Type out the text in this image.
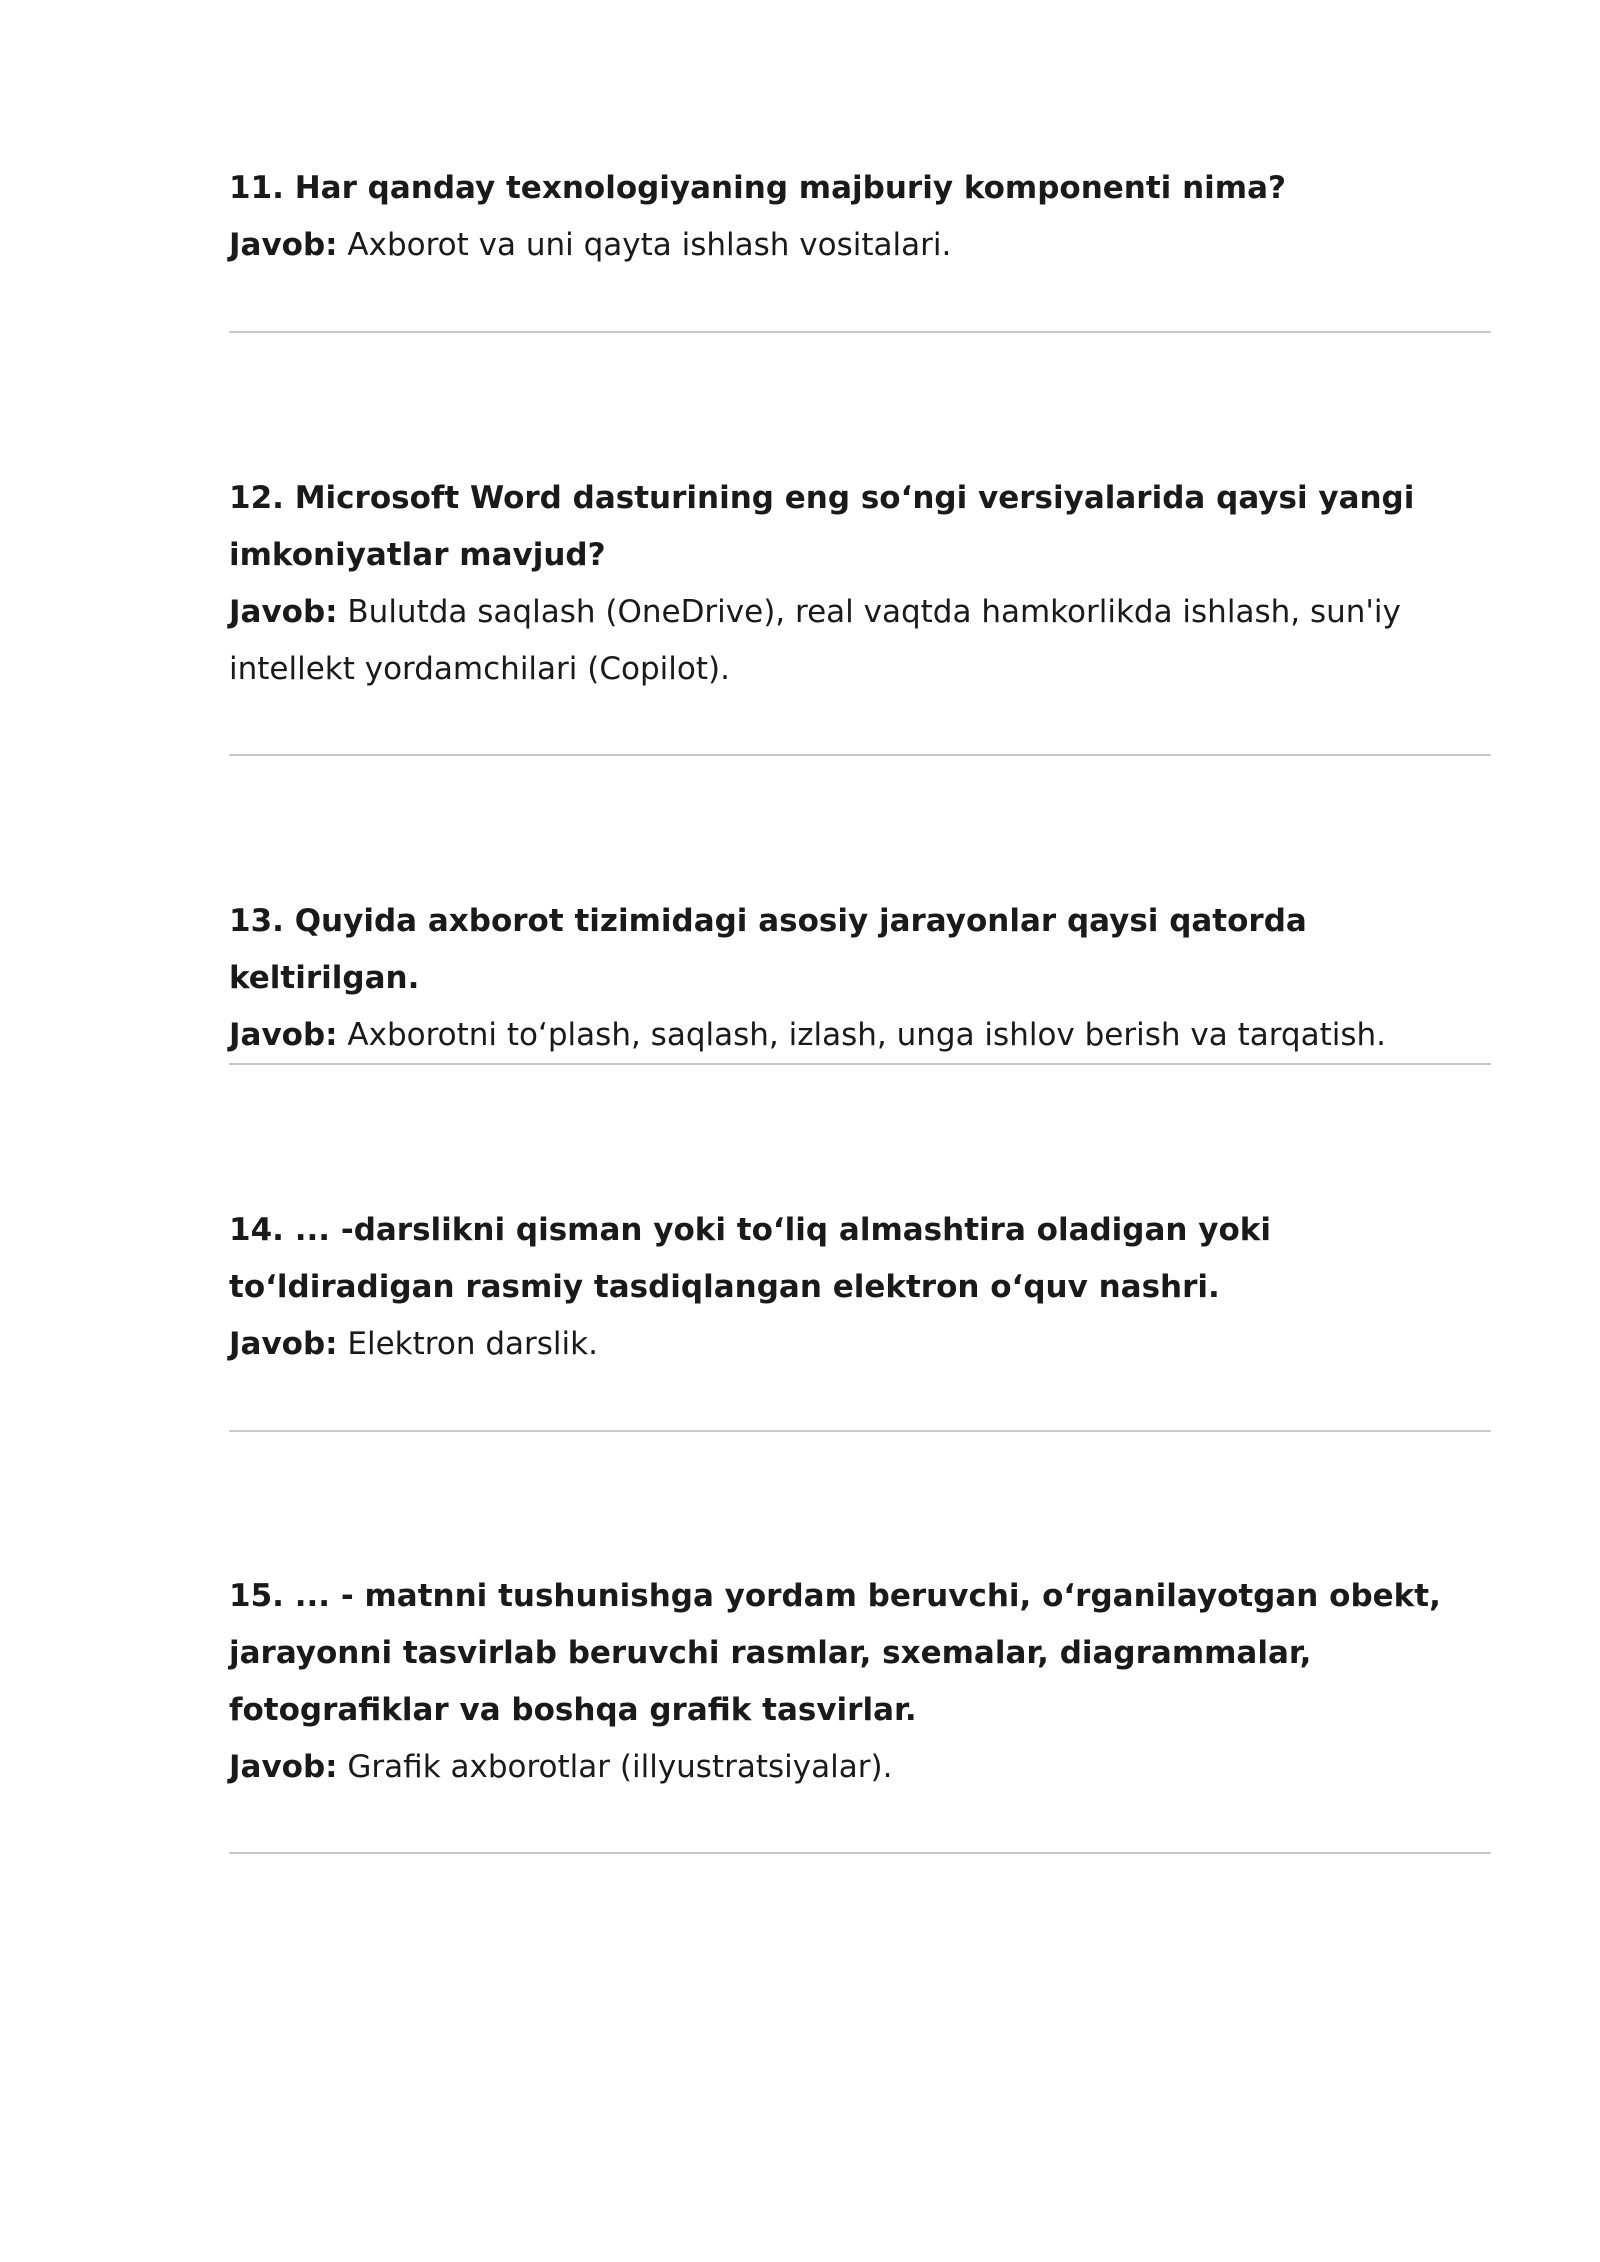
11. Har qanday texnologiyaning majburiy komponenti nima?

Javob: Axborot va uni qayta ishlash vositalari.

12. Microsoft Word dasturining eng so‘ngi versiyalarida qaysi yangi imkoniyatlar mavjud?

Javob: Bulutda saqlash (OneDrive), real vaqtda hamkorlikda ishlash, sun'iy intellekt yordamchilari (Copilot).

13. Quyida axborot tizimidagi asosiy jarayonlar qaysi qatorda keltirilgan.

Javob: Axborotni to‘plash, saqlash, izlash, unga ishlov berish va tarqatish.

14. ... -darslikni qisman yoki to‘liq almashtira oladigan yoki to‘ldiradigan rasmiy tasdiqlangan elektron o‘quv nashri.

Javob: Elektron darslik.

15. ... - matnni tushunishga yordam beruvchi, o‘rganilayotgan obekt, jarayonni tasvirlab beruvchi rasmlar, sxemalar, diagrammalar, fotografiklar va boshqa grafik tasvirlar.

Javob: Grafik axborotlar (illyustratsiyalar).
